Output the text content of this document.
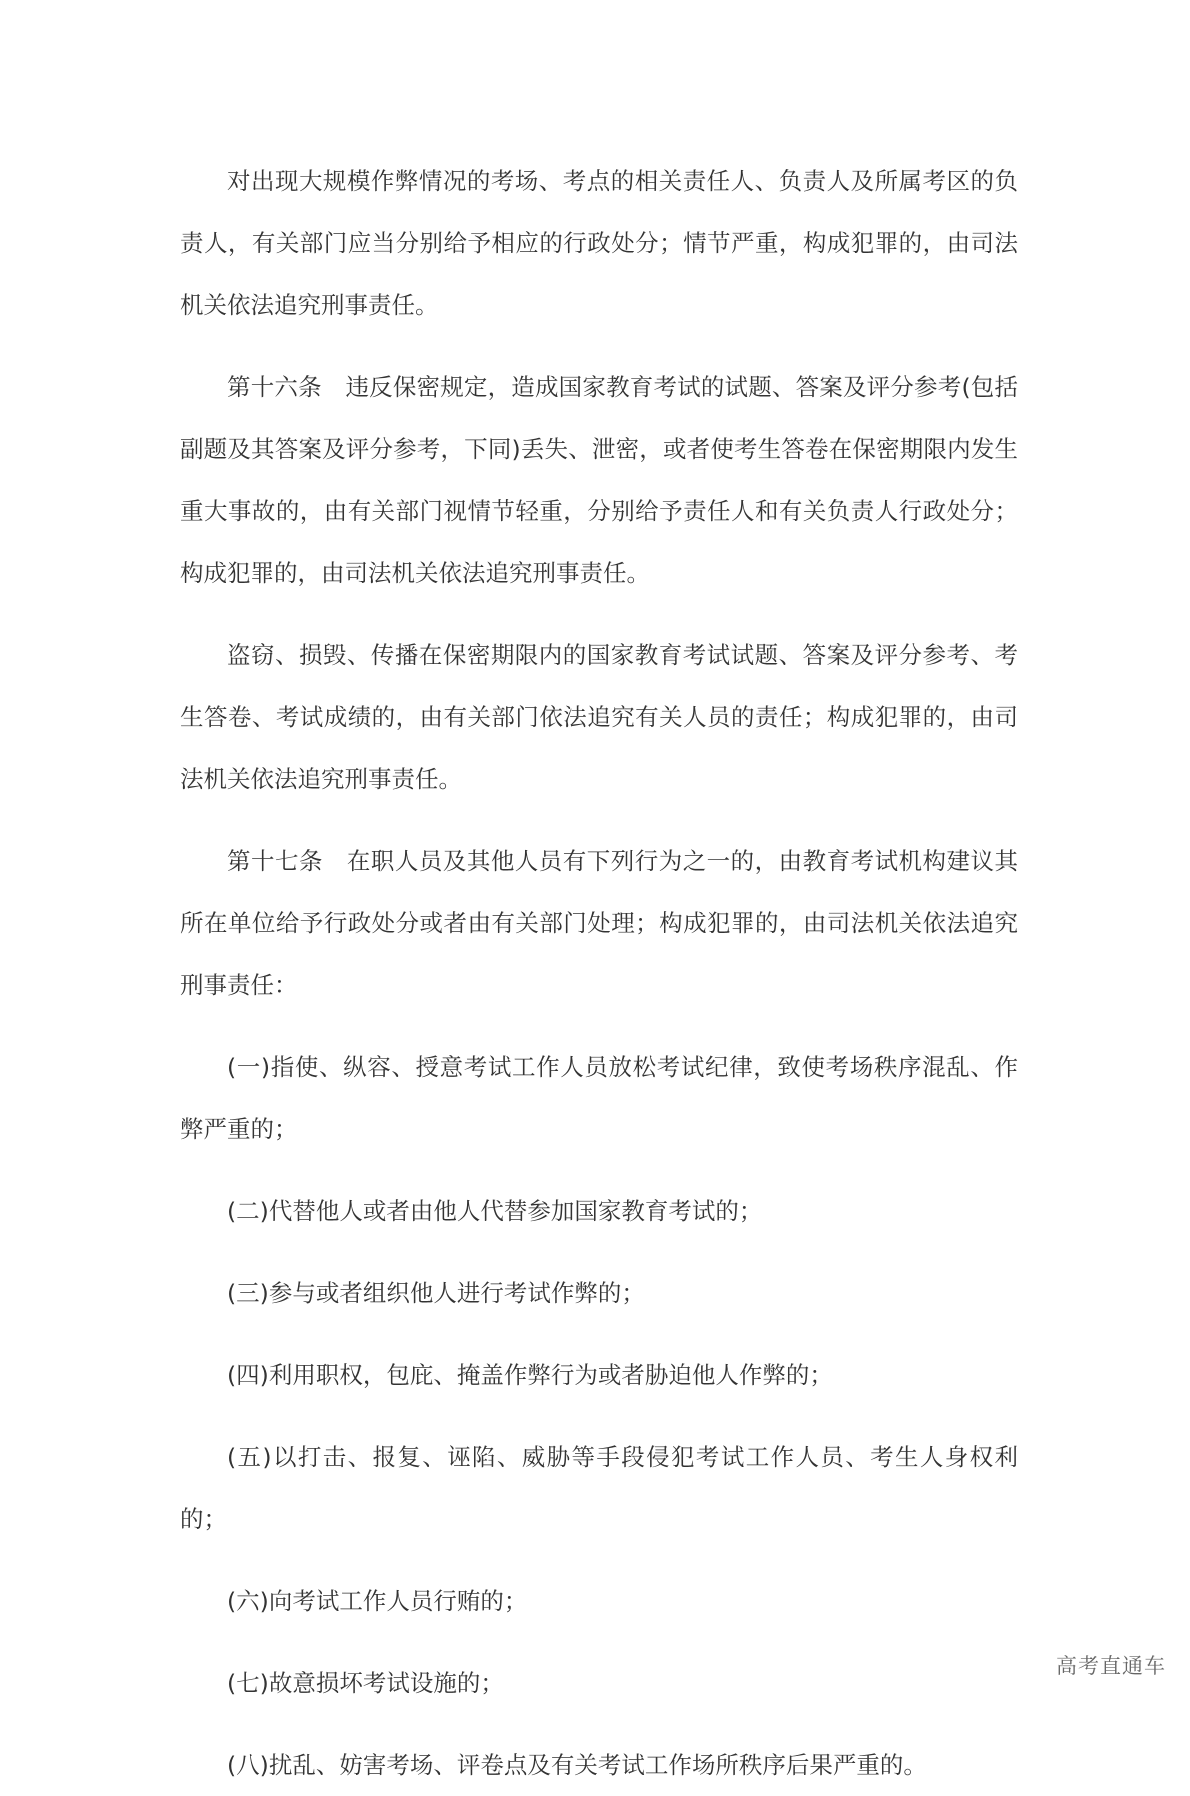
对出现大规模作弊情况的考场、考点的相关责任人、负责人及所属考区的负责人，有关部门应当分别给予相应的行政处分；情节严重，构成犯罪的，由司法机关依法追究刑事责任。

第十六条　违反保密规定，造成国家教育考试的试题、答案及评分参考(包括副题及其答案及评分参考，下同)丢失、泄密，或者使考生答卷在保密期限内发生重大事故的，由有关部门视情节轻重，分别给予责任人和有关负责人行政处分；构成犯罪的，由司法机关依法追究刑事责任。

盗窃、损毁、传播在保密期限内的国家教育考试试题、答案及评分参考、考生答卷、考试成绩的，由有关部门依法追究有关人员的责任；构成犯罪的，由司法机关依法追究刑事责任。

第十七条　在职人员及其他人员有下列行为之一的，由教育考试机构建议其所在单位给予行政处分或者由有关部门处理；构成犯罪的，由司法机关依法追究刑事责任：

(一)指使、纵容、授意考试工作人员放松考试纪律，致使考场秩序混乱、作弊严重的；

(二)代替他人或者由他人代替参加国家教育考试的；

(三)参与或者组织他人进行考试作弊的；

(四)利用职权，包庇、掩盖作弊行为或者胁迫他人作弊的；

(五)以打击、报复、诬陷、威胁等手段侵犯考试工作人员、考生人身权利的；

(六)向考试工作人员行贿的；

(七)故意损坏考试设施的；

(八)扰乱、妨害考场、评卷点及有关考试工作场所秩序后果严重的。

高考直通车
